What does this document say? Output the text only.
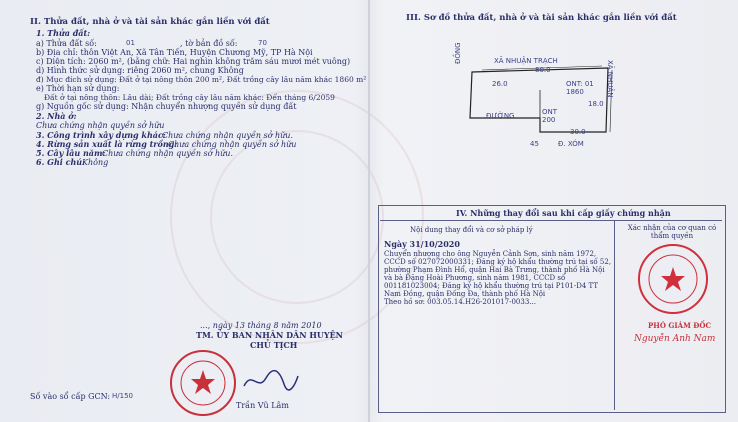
II. Thửa đất, nhà ở và tài sản khác gắn liền với đất
1. Thửa đất:
a) Thửa đất số:	01	, tờ bản đồ số:	70
b) Địa chỉ: thôn Việt An, Xã Tân Tiến, Huyện Chương Mỹ, TP Hà Nội
c) Diện tích: 2060 m², (bằng chữ: Hai nghìn không trăm sáu mươi mét vuông)
d) Hình thức sử dụng: riêng 2060 m², chung Không
đ) Mục đích sử dụng: Đất ở tại nông thôn 200 m², Đất trồng cây lâu năm khác 1860 m²
e) Thời hạn sử dụng:
Đất ở tại nông thôn: Lâu dài; Đất trồng cây lâu năm khác: Đến tháng 6/2059
g) Nguồn gốc sử dụng: Nhận chuyển nhượng quyền sử dụng đất
2. Nhà ở:
Chưa chứng nhận quyền sở hữu
3. Công trình xây dựng khác:
Chưa chứng nhận quyền sở hữu.
4. Rừng sản xuất là rừng trồng:
Chưa chứng nhận quyền sở hữu
5. Cây lâu năm:
Chưa chứng nhận quyền sở hữu.
6. Ghi chú:
Không
..., ngày 13 tháng 8 năm 2010
TM. ỦY BAN NHÂN DÂN HUYỆN
CHỦ TỊCH
Trần Vũ Lâm
Số vào sổ cấp GCN: H/150
III. Sơ đồ thửa đất, nhà ở và tài sản khác gắn liền với đất
XÃ NHUẬN TRẠCH
80.0
26.0	ONT: 01
1860
ONT
200
30.0
Đ. XÓM
ĐỒNG
XÃ NHUẬN
ĐƯỜNG
18.0
45
IV. Những thay đổi sau khi cấp giấy chứng nhận
Nội dung thay đổi và cơ sở pháp lý	Xác nhận của cơ quan có thẩm quyền
Ngày 31/10/2020
Chuyển nhượng cho ông Nguyễn Cảnh Sơn, sinh năm 1972,
CCCD số 027072000331; Đăng ký hộ khẩu thường trú tại số 52,
phường Phạm Đình Hổ, quận Hai Bà Trưng, thành phố Hà Nội
và bà Đặng Hoài Phương, sinh năm 1981, CCCD số
001181023004; Đăng ký hộ khẩu thường trú tại P101-D4 TT
Nam Đồng, quận Đống Đa, thành phố Hà Nội
Theo hồ sơ: 003.05.14.H26-201017-0033...
PHÓ GIÁM ĐỐC
Nguyễn Anh Nam
